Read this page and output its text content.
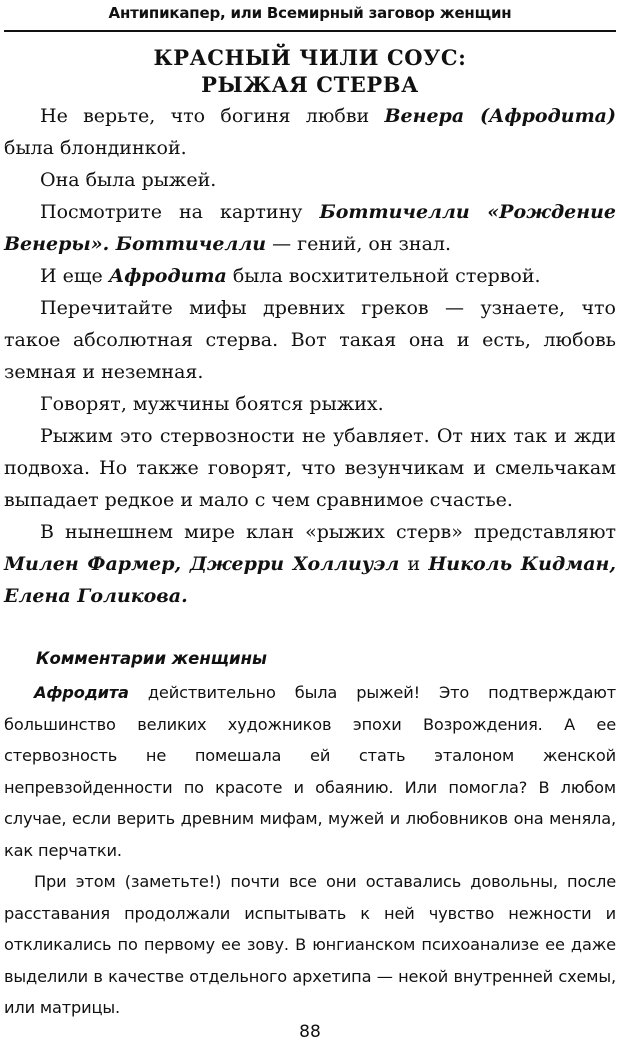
Антипикапер, или Всемирный заговор женщин
КРАСНЫЙ ЧИЛИ СОУС:
РЫЖАЯ СТЕРВА

Не верьте, что богиня любви Венера (Афродита) была блондинкой.

Она была рыжей.

Посмотрите на картину Боттичелли «Рождение Венеры». Боттичелли — гений, он знал.

И еще Афродита была восхитительной стервой.

Перечитайте мифы древних греков — узнаете, что такое абсолютная стерва. Вот такая она и есть, любовь земная и неземная.

Говорят, мужчины боятся рыжих.

Рыжим это стервозности не убавляет. От них так и жди подвоха. Но также говорят, что везунчикам и смельчакам выпадает редкое и мало с чем сравнимое счастье.

В нынешнем мире клан «рыжих стерв» представляют Милен Фармер, Джерри Холлиуэл и Николь Кидман, Елена Голикова.

Комментарии женщины

Афродита действительно была рыжей! Это подтверждают большинство великих художников эпохи Возрождения. А ее стервозность не помешала ей стать эталоном женской непревзойденности по красоте и обаянию. Или помогла? В любом случае, если верить древним мифам, мужей и любовников она меняла, как перчатки.

При этом (заметьте!) почти все они оставались довольны, после расставания продолжали испытывать к ней чувство нежности и откликались по первому ее зову. В юнгианском психоанализе ее даже выделили в качестве отдельного архетипа — некой внутренней схемы, или матрицы.

88
